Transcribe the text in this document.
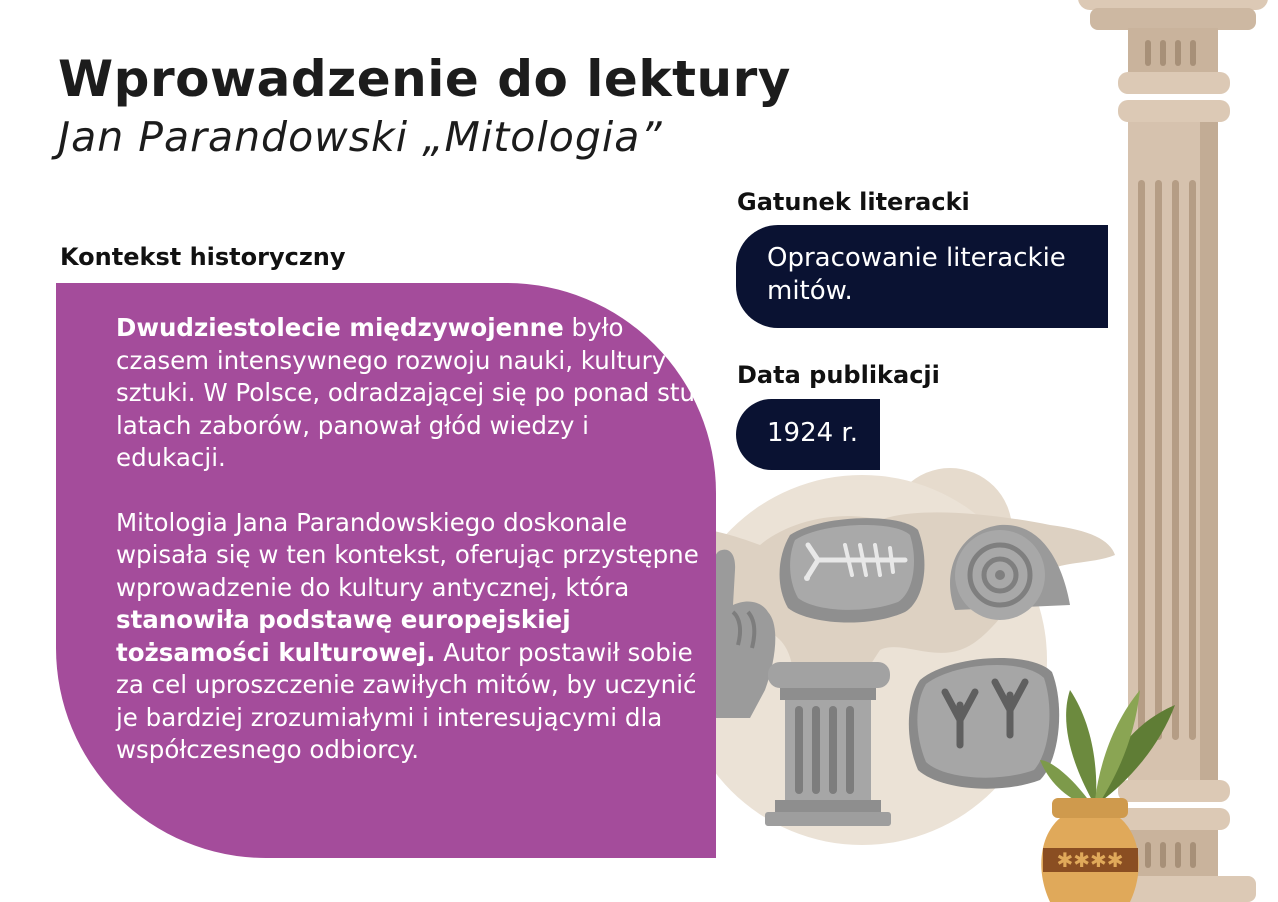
✱✱✱✱
Wprowadzenie do lektury
Jan Parandowski „Mitologia”
Kontekst historyczny

Dwudziestolecie międzywojenne było czasem intensywnego rozwoju nauki, kultury i sztuki. W Polsce, odradzającej się po ponad stu latach zaborów, panował głód wiedzy i edukacji.

Mitologia Jana Parandowskiego doskonale wpisała się w ten kontekst, oferując przystępne wprowadzenie do kultury antycznej, która stanowiła podstawę europejskiej tożsamości kulturowej. Autor postawił sobie za cel uproszczenie zawiłych mitów, by uczynić je bardziej zrozumiałymi i interesującymi dla współczesnego odbiorcy.

Gatunek literacki
Opracowanie literackie mitów.
Data publikacji
1924 r.
